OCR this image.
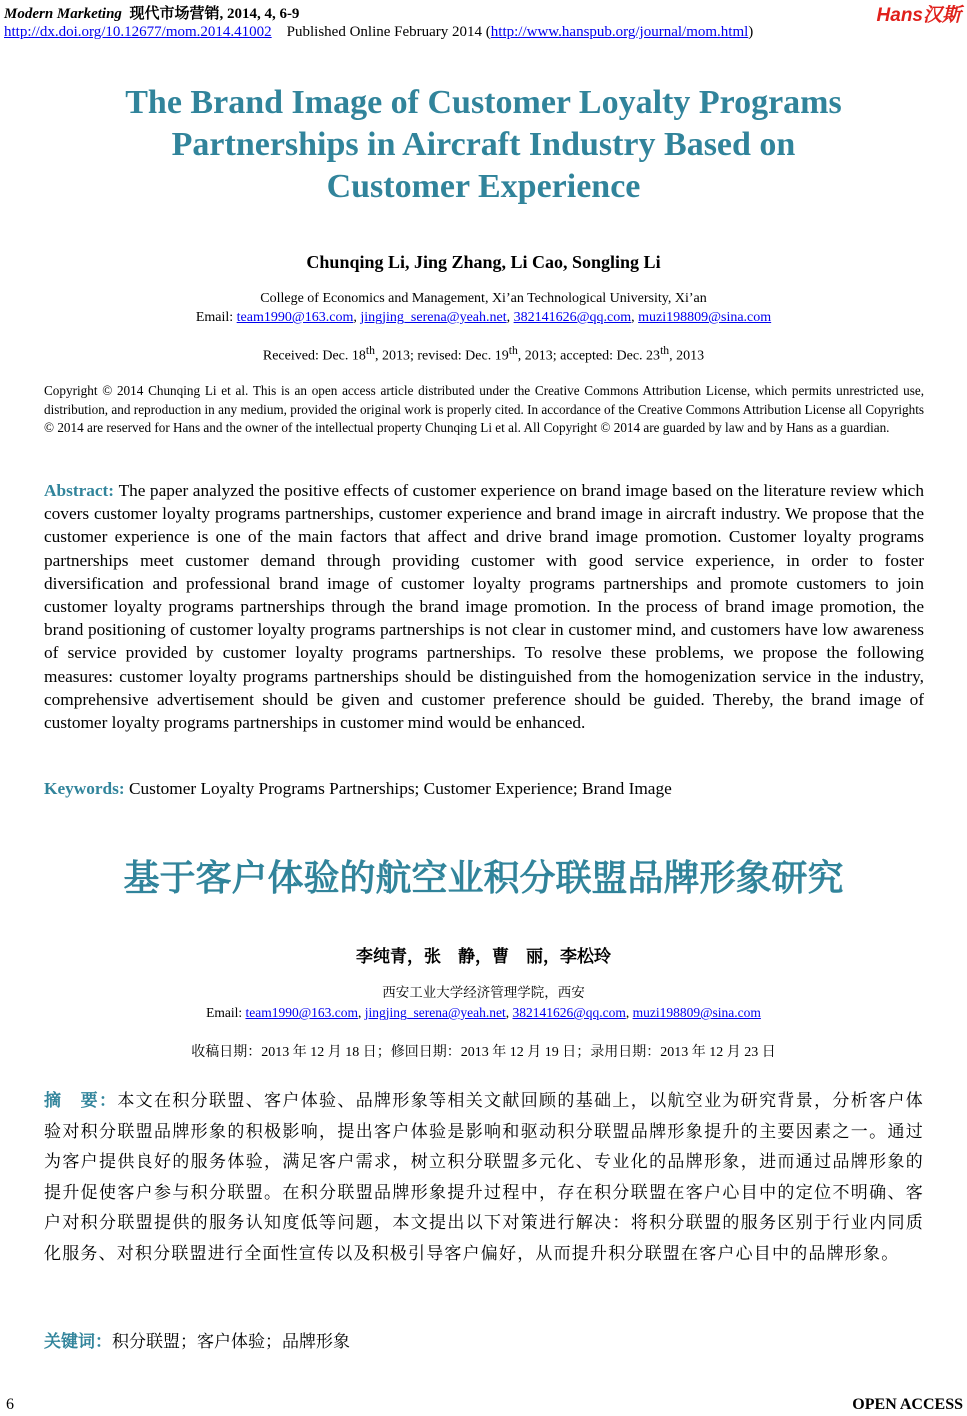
Modern Marketing 现代市场营销, 2014, 4, 6-9	Hans汉斯
http://dx.doi.org/10.12677/mom.2014.41002 Published Online February 2014 (http://www.hanspub.org/journal/mom.html)
The Brand Image of Customer Loyalty Programs
Partnerships in Aircraft Industry Based on
Customer Experience
Chunqing Li, Jing Zhang, Li Cao, Songling Li
College of Economics and Management, Xi’an Technological University, Xi’an
Email: team1990@163.com, jingjing_serena@yeah.net, 382141626@qq.com, muzi198809@sina.com
Received: Dec. 18th, 2013; revised: Dec. 19th, 2013; accepted: Dec. 23th, 2013
Copyright © 2014 Chunqing Li et al. This is an open access article distributed under the Creative Commons Attribution License, which permits unrestricted use, distribution, and reproduction in any medium, provided the original work is properly cited. In accordance of the Creative Commons Attribution License all Copyrights © 2014 are reserved for Hans and the owner of the intellectual property Chunqing Li et al. All Copyright © 2014 are guarded by law and by Hans as a guardian.
Abstract: The paper analyzed the positive effects of customer experience on brand image based on the literature review which covers customer loyalty programs partnerships, customer experience and brand image in aircraft industry. We propose that the customer experience is one of the main factors that affect and drive brand image promotion. Customer loyalty programs partnerships meet customer demand through providing customer with good service experience, in order to foster diversification and professional brand image of customer loyalty programs partnerships and promote customers to join customer loyalty programs partnerships through the brand image promotion. In the process of brand image promotion, the brand positioning of customer loyalty programs partnerships is not clear in customer mind, and customers have low awareness of service provided by customer loyalty programs partnerships. To resolve these problems, we propose the following measures: customer loyalty programs partnerships should be distinguished from the homogenization service in the industry, comprehensive advertisement should be given and customer preference should be guided. Thereby, the brand image of customer loyalty programs partnerships in customer mind would be enhanced.
Keywords: Customer Loyalty Programs Partnerships; Customer Experience; Brand Image
基于客户体验的航空业积分联盟品牌形象研究
李纯青，张　静，曹　丽，李松玲
西安工业大学经济管理学院，西安
Email: team1990@163.com, jingjing_serena@yeah.net, 382141626@qq.com, muzi198809@sina.com
收稿日期：2013 年 12 月 18 日；修回日期：2013 年 12 月 19 日；录用日期：2013 年 12 月 23 日
摘　要：本文在积分联盟、客户体验、品牌形象等相关文献回顾的基础上，以航空业为研究背景，分析客户体验对积分联盟品牌形象的积极影响，提出客户体验是影响和驱动积分联盟品牌形象提升的主要因素之一。通过为客户提供良好的服务体验，满足客户需求，树立积分联盟多元化、专业化的品牌形象，进而通过品牌形象的提升促使客户参与积分联盟。在积分联盟品牌形象提升过程中，存在积分联盟在客户心目中的定位不明确、客户对积分联盟提供的服务认知度低等问题，本文提出以下对策进行解决：将积分联盟的服务区别于行业内同质化服务、对积分联盟进行全面性宣传以及积极引导客户偏好，从而提升积分联盟在客户心目中的品牌形象。
关键词：积分联盟；客户体验；品牌形象
6	OPEN ACCESS
